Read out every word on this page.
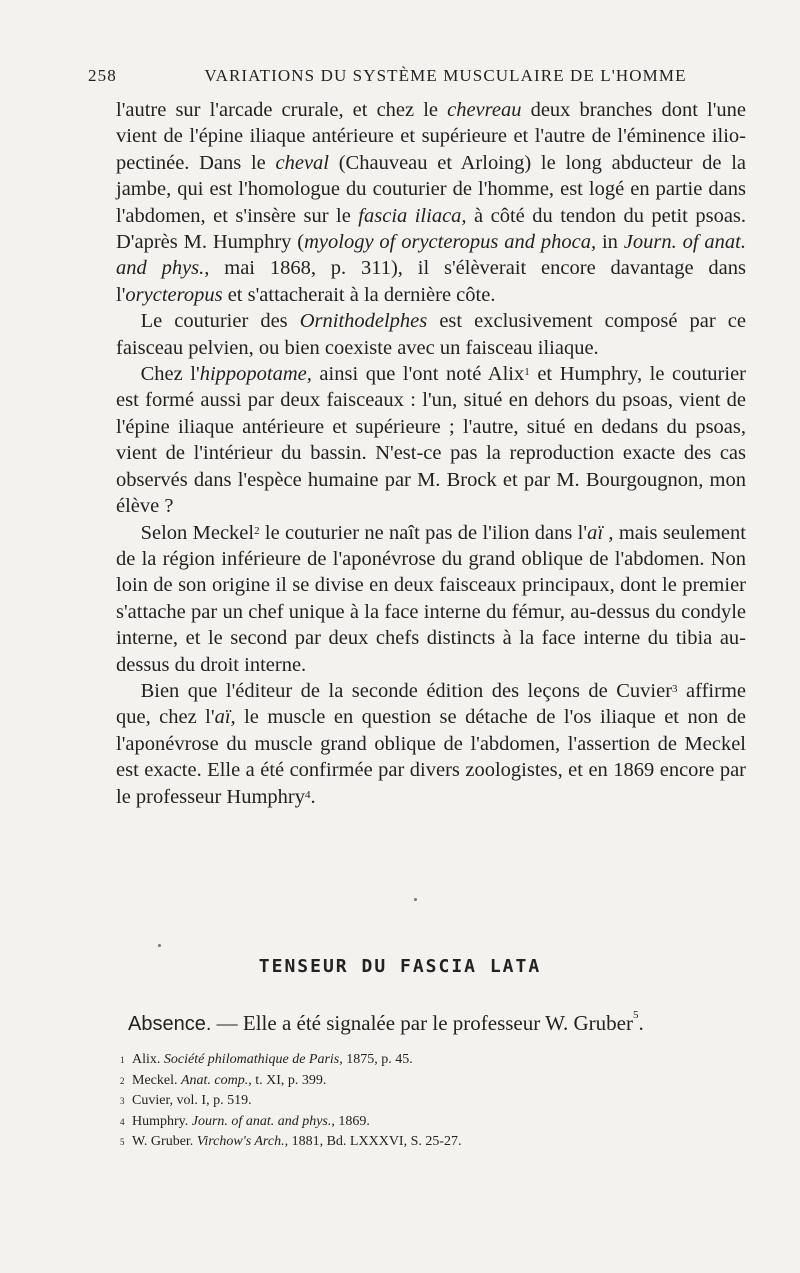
258	VARIATIONS DU SYSTÈME MUSCULAIRE DE L'HOMME

l'autre sur l'arcade crurale, et chez le chevreau deux branches dont l'une vient de l'épine iliaque antérieure et supérieure et l'autre de l'éminence ilio-pectinée. Dans le cheval (Chauveau et Arloing) le long abducteur de la jambe, qui est l'homologue du couturier de l'homme, est logé en partie dans l'abdomen, et s'insère sur le fascia iliaca, à côté du tendon du petit psoas. D'après M. Humphry (myology of orycteropus and phoca, in Journ. of anat. and phys., mai 1868, p. 311), il s'élèverait encore davantage dans l'orycteropus et s'attacherait à la dernière côte.

Le couturier des Ornithodelphes est exclusivement composé par ce faisceau pelvien, ou bien coexiste avec un faisceau iliaque.

Chez l'hippopotame, ainsi que l'ont noté Alix$^1$ et Humphry, le couturier est formé aussi par deux faisceaux : l'un, situé en dehors du psoas, vient de l'épine iliaque antérieure et supérieure ; l'autre, situé en dedans du psoas, vient de l'intérieur du bassin. N'est-ce pas la reproduction exacte des cas observés dans l'espèce humaine par M. Brock et par M. Bourgougnon, mon élève ?

Selon Meckel$^2$ le couturier ne naît pas de l'ilion dans l'aï , mais seulement de la région inférieure de l'aponévrose du grand oblique de l'abdomen. Non loin de son origine il se divise en deux faisceaux principaux, dont le premier s'attache par un chef unique à la face interne du fémur, au-dessus du condyle interne, et le second par deux chefs distincts à la face interne du tibia au-dessus du droit interne.

Bien que l'éditeur de la seconde édition des leçons de Cuvier$^3$ affirme que, chez l'aï, le muscle en question se détache de l'os iliaque et non de l'aponévrose du muscle grand oblique de l'abdomen, l'assertion de Meckel est exacte. Elle a été confirmée par divers zoologistes, et en 1869 encore par le professeur Humphry$^4$.

TENSEUR DU FASCIA LATA
Absence. — Elle a été signalée par le professeur W. Gruber$^5$.
1 Alix. Société philomathique de Paris, 1875, p. 45.
2 Meckel. Anat. comp., t. XI, p. 399.
3 Cuvier, vol. I, p. 519.
4 Humphry. Journ. of anat. and phys., 1869.
5 W. Gruber. Virchow's Arch., 1881, Bd. LXXXVI, S. 25-27.
